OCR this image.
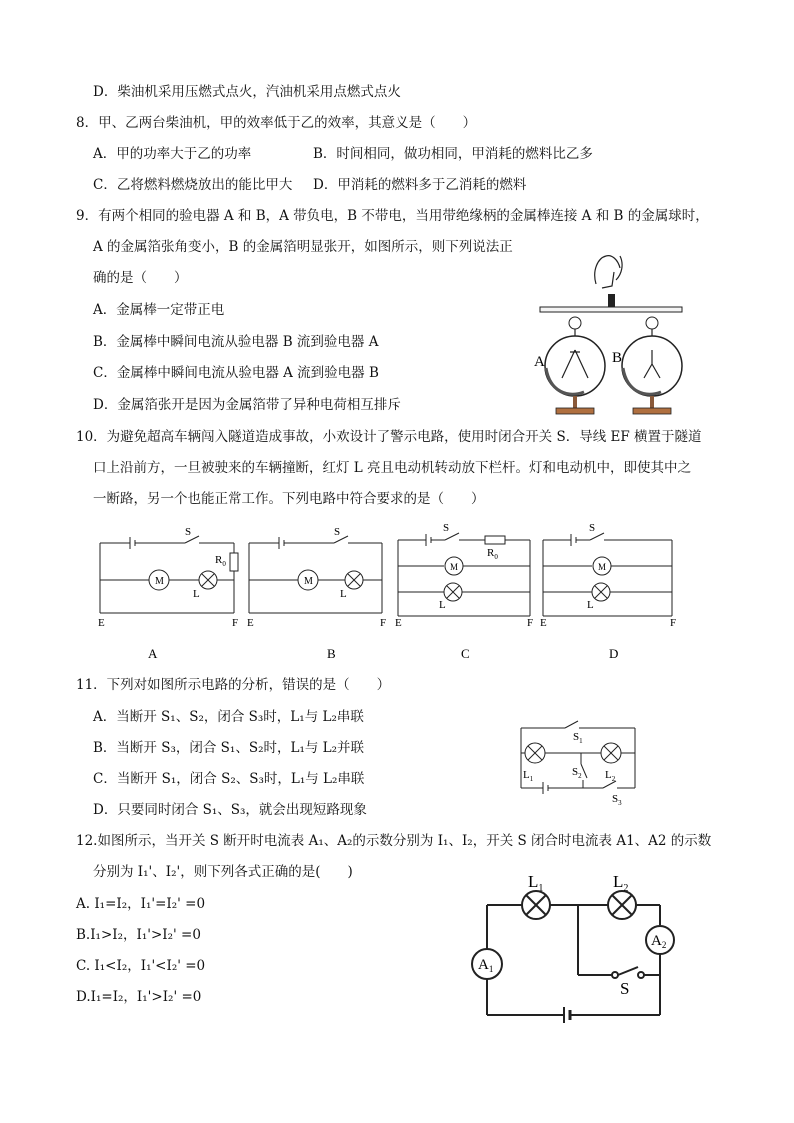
D．柴油机采用压燃式点火，汽油机采用点燃式点火
8．甲、乙两台柴油机，甲的效率低于乙的效率，其意义是（　　）
A．甲的功率大于乙的功率	B．时间相同，做功相同，甲消耗的燃料比乙多
C．乙将燃料燃烧放出的能比甲大 D．甲消耗的燃料多于乙消耗的燃料
9．有两个相同的验电器 A 和 B，A 带负电，B 不带电，当用带绝缘柄的金属棒连接 A 和 B 的金属球时，
A 的金属箔张角变小，B 的金属箔明显张开，如图所示，则下列说法正
确的是（　　）
A．金属棒一定带正电
B．金属棒中瞬间电流从验电器 B 流到验电器 A
C．金属棒中瞬间电流从验电器 A 流到验电器 B
D．金属箔张开是因为金属箔带了异种电荷相互排斥
A	B
10．为避免超高车辆闯入隧道造成事故，小欢设计了警示电路，使用时闭合开关 S．导线 EF 横置于隧道
口上沿前方，一旦被驶来的车辆撞断，红灯 L 亮且电动机转动放下栏杆。灯和电动机中，即使其中之
一断路，另一个也能正常工作。下列电路中符合要求的是（　　）
S
M
L
$R_0$
E	F
A
S
M
L
E	F
B
S
$R_0$
M
L
E	F
C
S
M
L
E	F
D
11．下列对如图所示电路的分析，错误的是（　　）
A．当断开 S₁、S₂，闭合 S₃时，L₁与 L₂串联
B．当断开 S₃，闭合 S₁、S₂时，L₁与 L₂并联
C．当断开 S₁，闭合 S₂、S₃时，L₁与 L₂串联
D．只要同时闭合 S₁、S₃，就会出现短路现象
$S_1$
$S_2$
$S_3$
$L_1$	$L_2$
12.如图所示，当开关 S 断开时电流表 A₁、A₂的示数分别为 I₁、I₂，开关 S 闭合时电流表 A1、A2 的示数
分别为 I₁'、I₂'，则下列各式正确的是(　　)
A. I₁=I₂，I₁'=I₂' =0
B.I₁>I₂，I₁'>I₂' =0
C. I₁<I₂，I₁'<I₂' =0
D.I₁=I₂，I₁'>I₂' =0
$L_1$	$L_2$
$A_1$
$A_2$
S
